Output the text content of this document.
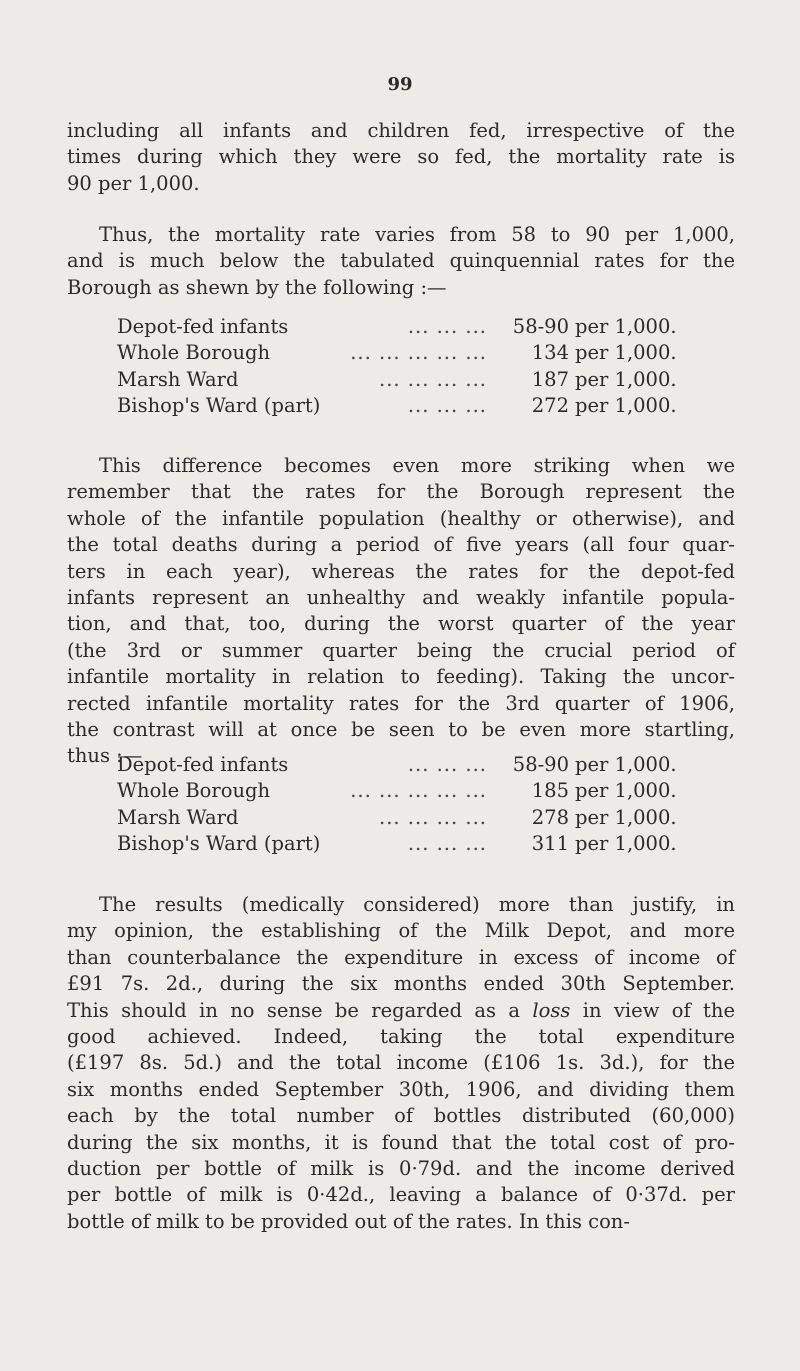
99
including all infants and children fed, irrespective of the
times during which they were so fed, the mortality rate is
90 per 1,000.
Thus, the mortality rate varies from 58 to 90 per 1,000,
and is much below the tabulated quinquennial rates for the
Borough as shewn by the following :—
Depot-fed infants	... ... ...	58-90 per 1,000.
Whole Borough	... ... ... ... ...	134 per 1,000.
Marsh Ward	... ... ... ...	187 per 1,000.
Bishop's Ward (part)	... ... ...	272 per 1,000.
This difference becomes even more striking when we
remember that the rates for the Borough represent the
whole of the infantile population (healthy or otherwise), and
the total deaths during a period of five years (all four quar-
ters in each year), whereas the rates for the depot-fed
infants represent an unhealthy and weakly infantile popula-
tion, and that, too, during the worst quarter of the year
(the 3rd or summer quarter being the crucial period of
infantile mortality in relation to feeding). Taking the uncor-
rected infantile mortality rates for the 3rd quarter of 1906,
the contrast will at once be seen to be even more startling,
thus :—
Depot-fed infants	... ... ...	58-90 per 1,000.
Whole Borough	... ... ... ... ...	185 per 1,000.
Marsh Ward	... ... ... ...	278 per 1,000.
Bishop's Ward (part)	... ... ...	311 per 1,000.
The results (medically considered) more than justify, in
my opinion, the establishing of the Milk Depot, and more
than counterbalance the expenditure in excess of income of
£91 7s. 2d., during the six months ended 30th September.
This should in no sense be regarded as a loss in view of the
good achieved. Indeed, taking the total expenditure
(£197 8s. 5d.) and the total income (£106 1s. 3d.), for the
six months ended September 30th, 1906, and dividing them
each by the total number of bottles distributed (60,000)
during the six months, it is found that the total cost of pro-
duction per bottle of milk is 0·79d. and the income derived
per bottle of milk is 0·42d., leaving a balance of 0·37d. per
bottle of milk to be provided out of the rates. In this con-
